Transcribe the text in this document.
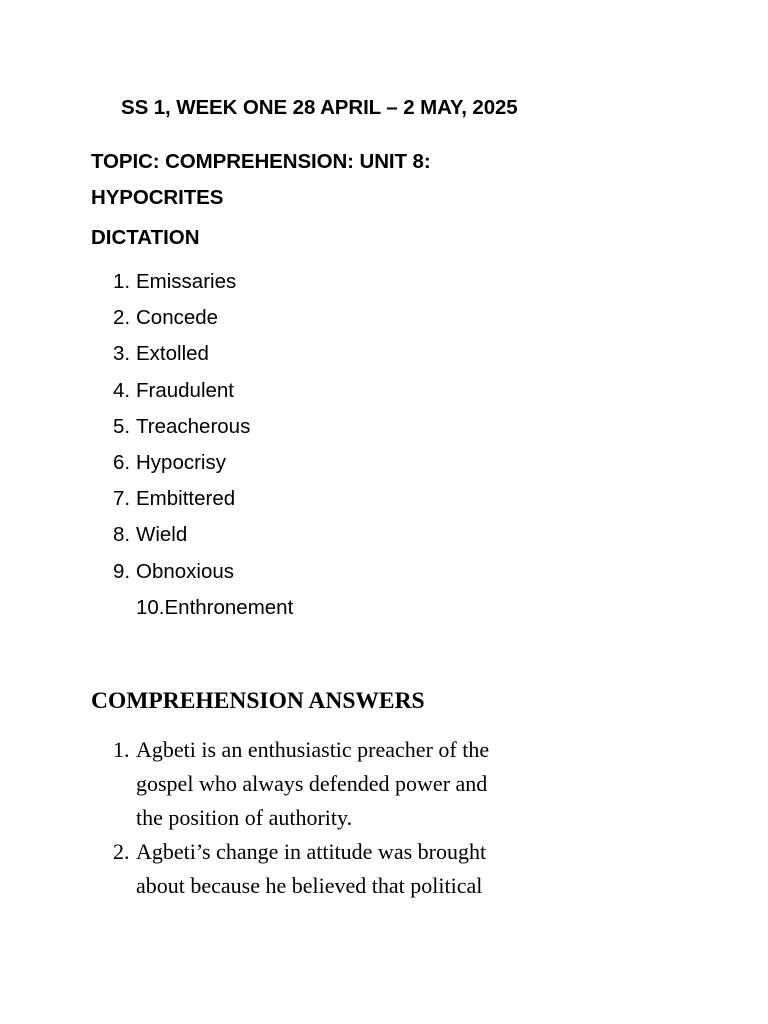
SS 1, WEEK ONE 28 APRIL – 2 MAY, 2025
TOPIC: COMPREHENSION: UNIT 8:
HYPOCRITES
DICTATION
1. Emissaries
2. Concede
3. Extolled
4. Fraudulent
5. Treacherous
6. Hypocrisy
7. Embittered
8. Wield
9. Obnoxious
10.Enthronement
COMPREHENSION ANSWERS
1. Agbeti is an enthusiastic preacher of the
gospel who always defended power and
the position of authority.
2. Agbeti’s change in attitude was brought
about because he believed that political
